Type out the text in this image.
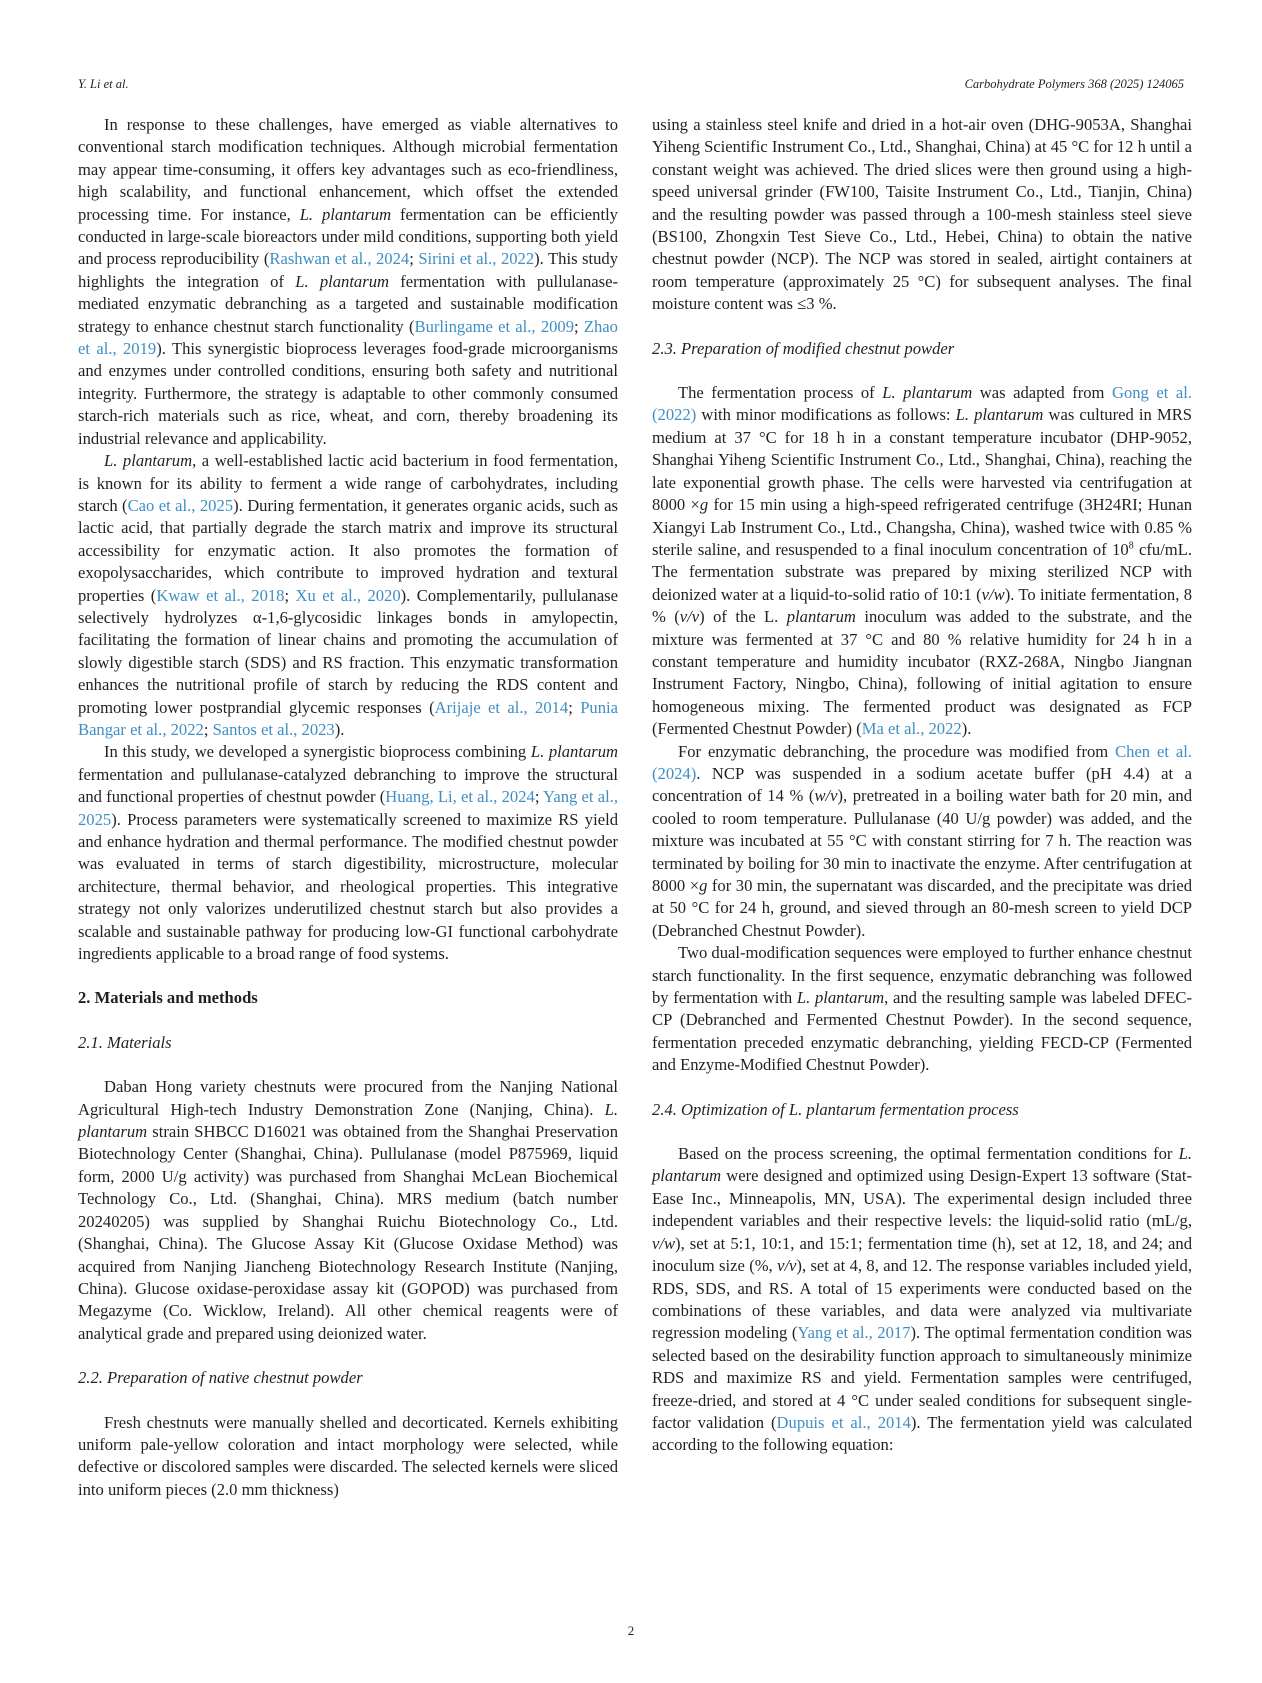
Y. Li et al.	Carbohydrate Polymers 368 (2025) 124065

In response to these challenges, have emerged as viable alternatives to conventional starch modification techniques. Although microbial fermentation may appear time-consuming, it offers key advantages such as eco-friendliness, high scalability, and functional enhancement, which offset the extended processing time. For instance, L. plantarum fermentation can be efficiently conducted in large-scale bioreactors under mild conditions, supporting both yield and process reproducibility (Rashwan et al., 2024; Sirini et al., 2022). This study highlights the integration of L. plantarum fermentation with pullulanase-mediated enzymatic debranching as a targeted and sustainable modification strategy to enhance chestnut starch functionality (Burlingame et al., 2009; Zhao et al., 2019). This synergistic bioprocess leverages food-grade microorganisms and enzymes under controlled conditions, ensuring both safety and nutritional integrity. Furthermore, the strategy is adaptable to other commonly consumed starch-rich materials such as rice, wheat, and corn, thereby broadening its industrial relevance and applicability.

L. plantarum, a well-established lactic acid bacterium in food fermentation, is known for its ability to ferment a wide range of carbohydrates, including starch (Cao et al., 2025). During fermentation, it generates organic acids, such as lactic acid, that partially degrade the starch matrix and improve its structural accessibility for enzymatic action. It also promotes the formation of exopolysaccharides, which contribute to improved hydration and textural properties (Kwaw et al., 2018; Xu et al., 2020). Complementarily, pullulanase selectively hydrolyzes α-1,6-glycosidic linkages bonds in amylopectin, facilitating the formation of linear chains and promoting the accumulation of slowly digestible starch (SDS) and RS fraction. This enzymatic transformation enhances the nutritional profile of starch by reducing the RDS content and promoting lower postprandial glycemic responses (Arijaje et al., 2014; Punia Bangar et al., 2022; Santos et al., 2023).

In this study, we developed a synergistic bioprocess combining L. plantarum fermentation and pullulanase-catalyzed debranching to improve the structural and functional properties of chestnut powder (Huang, Li, et al., 2024; Yang et al., 2025). Process parameters were systematically screened to maximize RS yield and enhance hydration and thermal performance. The modified chestnut powder was evaluated in terms of starch digestibility, microstructure, molecular architecture, thermal behavior, and rheological properties. This integrative strategy not only valorizes underutilized chestnut starch but also provides a scalable and sustainable pathway for producing low-GI functional carbohydrate ingredients applicable to a broad range of food systems.

2. Materials and methods
2.1. Materials

Daban Hong variety chestnuts were procured from the Nanjing National Agricultural High-tech Industry Demonstration Zone (Nanjing, China). L. plantarum strain SHBCC D16021 was obtained from the Shanghai Preservation Biotechnology Center (Shanghai, China). Pullulanase (model P875969, liquid form, 2000 U/g activity) was purchased from Shanghai McLean Biochemical Technology Co., Ltd. (Shanghai, China). MRS medium (batch number 20240205) was supplied by Shanghai Ruichu Biotechnology Co., Ltd. (Shanghai, China). The Glucose Assay Kit (Glucose Oxidase Method) was acquired from Nanjing Jiancheng Biotechnology Research Institute (Nanjing, China). Glucose oxidase-peroxidase assay kit (GOPOD) was purchased from Megazyme (Co. Wicklow, Ireland). All other chemical reagents were of analytical grade and prepared using deionized water.

2.2. Preparation of native chestnut powder

Fresh chestnuts were manually shelled and decorticated. Kernels exhibiting uniform pale-yellow coloration and intact morphology were selected, while defective or discolored samples were discarded. The selected kernels were sliced into uniform pieces (2.0 mm thickness)

using a stainless steel knife and dried in a hot-air oven (DHG-9053A, Shanghai Yiheng Scientific Instrument Co., Ltd., Shanghai, China) at 45 °C for 12 h until a constant weight was achieved. The dried slices were then ground using a high-speed universal grinder (FW100, Taisite Instrument Co., Ltd., Tianjin, China) and the resulting powder was passed through a 100-mesh stainless steel sieve (BS100, Zhongxin Test Sieve Co., Ltd., Hebei, China) to obtain the native chestnut powder (NCP). The NCP was stored in sealed, airtight containers at room temperature (approximately 25 °C) for subsequent analyses. The final moisture content was ≤3 %.

2.3. Preparation of modified chestnut powder

The fermentation process of L. plantarum was adapted from Gong et al. (2022) with minor modifications as follows: L. plantarum was cultured in MRS medium at 37 °C for 18 h in a constant temperature incubator (DHP-9052, Shanghai Yiheng Scientific Instrument Co., Ltd., Shanghai, China), reaching the late exponential growth phase. The cells were harvested via centrifugation at 8000 ×g for 15 min using a high-speed refrigerated centrifuge (3H24RI; Hunan Xiangyi Lab Instrument Co., Ltd., Changsha, China), washed twice with 0.85 % sterile saline, and resuspended to a final inoculum concentration of $10^8$ cfu/mL. The fermentation substrate was prepared by mixing sterilized NCP with deionized water at a liquid-to-solid ratio of 10:1 (v/w). To initiate fermentation, 8 % (v/v) of the L. plantarum inoculum was added to the substrate, and the mixture was fermented at 37 °C and 80 % relative humidity for 24 h in a constant temperature and humidity incubator (RXZ-268A, Ningbo Jiangnan Instrument Factory, Ningbo, China), following of initial agitation to ensure homogeneous mixing. The fermented product was designated as FCP (Fermented Chestnut Powder) (Ma et al., 2022).

For enzymatic debranching, the procedure was modified from Chen et al. (2024). NCP was suspended in a sodium acetate buffer (pH 4.4) at a concentration of 14 % (w/v), pretreated in a boiling water bath for 20 min, and cooled to room temperature. Pullulanase (40 U/g powder) was added, and the mixture was incubated at 55 °C with constant stirring for 7 h. The reaction was terminated by boiling for 30 min to inactivate the enzyme. After centrifugation at 8000 ×g for 30 min, the supernatant was discarded, and the precipitate was dried at 50 °C for 24 h, ground, and sieved through an 80-mesh screen to yield DCP (Debranched Chestnut Powder).

Two dual-modification sequences were employed to further enhance chestnut starch functionality. In the first sequence, enzymatic debranching was followed by fermentation with L. plantarum, and the resulting sample was labeled DFEC-CP (Debranched and Fermented Chestnut Powder). In the second sequence, fermentation preceded enzymatic debranching, yielding FECD-CP (Fermented and Enzyme-Modified Chestnut Powder).

2.4. Optimization of L. plantarum fermentation process

Based on the process screening, the optimal fermentation conditions for L. plantarum were designed and optimized using Design-Expert 13 software (Stat-Ease Inc., Minneapolis, MN, USA). The experimental design included three independent variables and their respective levels: the liquid-solid ratio (mL/g, v/w), set at 5:1, 10:1, and 15:1; fermentation time (h), set at 12, 18, and 24; and inoculum size (%, v/v), set at 4, 8, and 12. The response variables included yield, RDS, SDS, and RS. A total of 15 experiments were conducted based on the combinations of these variables, and data were analyzed via multivariate regression modeling (Yang et al., 2017). The optimal fermentation condition was selected based on the desirability function approach to simultaneously minimize RDS and maximize RS and yield. Fermentation samples were centrifuged, freeze-dried, and stored at 4 °C under sealed conditions for subsequent single-factor validation (Dupuis et al., 2014). The fermentation yield was calculated according to the following equation:

2
